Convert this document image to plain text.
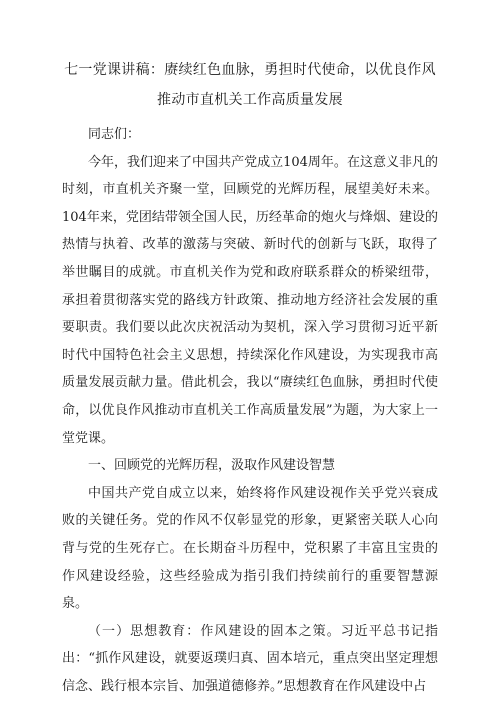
七一党课讲稿：赓续红色血脉，勇担时代使命，以优良作风

推动市直机关工作高质量发展

同志们：

今年，我们迎来了中国共产党成立104周年。在这意义非凡的时刻，市直机关齐聚一堂，回顾党的光辉历程，展望美好未来。104年来，党团结带领全国人民，历经革命的炮火与烽烟、建设的热情与执着、改革的激荡与突破、新时代的创新与飞跃，取得了举世瞩目的成就。市直机关作为党和政府联系群众的桥梁纽带，承担着贯彻落实党的路线方针政策、推动地方经济社会发展的重要职责。我们要以此次庆祝活动为契机，深入学习贯彻习近平新时代中国特色社会主义思想，持续深化作风建设，为实现我市高质量发展贡献力量。借此机会，我以“赓续红色血脉，勇担时代使命，以优良作风推动市直机关工作高质量发展”为题，为大家上一堂党课。

一、回顾党的光辉历程，汲取作风建设智慧

中国共产党自成立以来，始终将作风建设视作关乎党兴衰成败的关键任务。党的作风不仅彰显党的形象，更紧密关联人心向背与党的生死存亡。在长期奋斗历程中，党积累了丰富且宝贵的作风建设经验，这些经验成为指引我们持续前行的重要智慧源泉。

（一）思想教育：作风建设的固本之策。习近平总书记指出：“抓作风建设，就要返璞归真、固本培元，重点突出坚定理想信念、践行根本宗旨、加强道德修养。”思想教育在作风建设中占
